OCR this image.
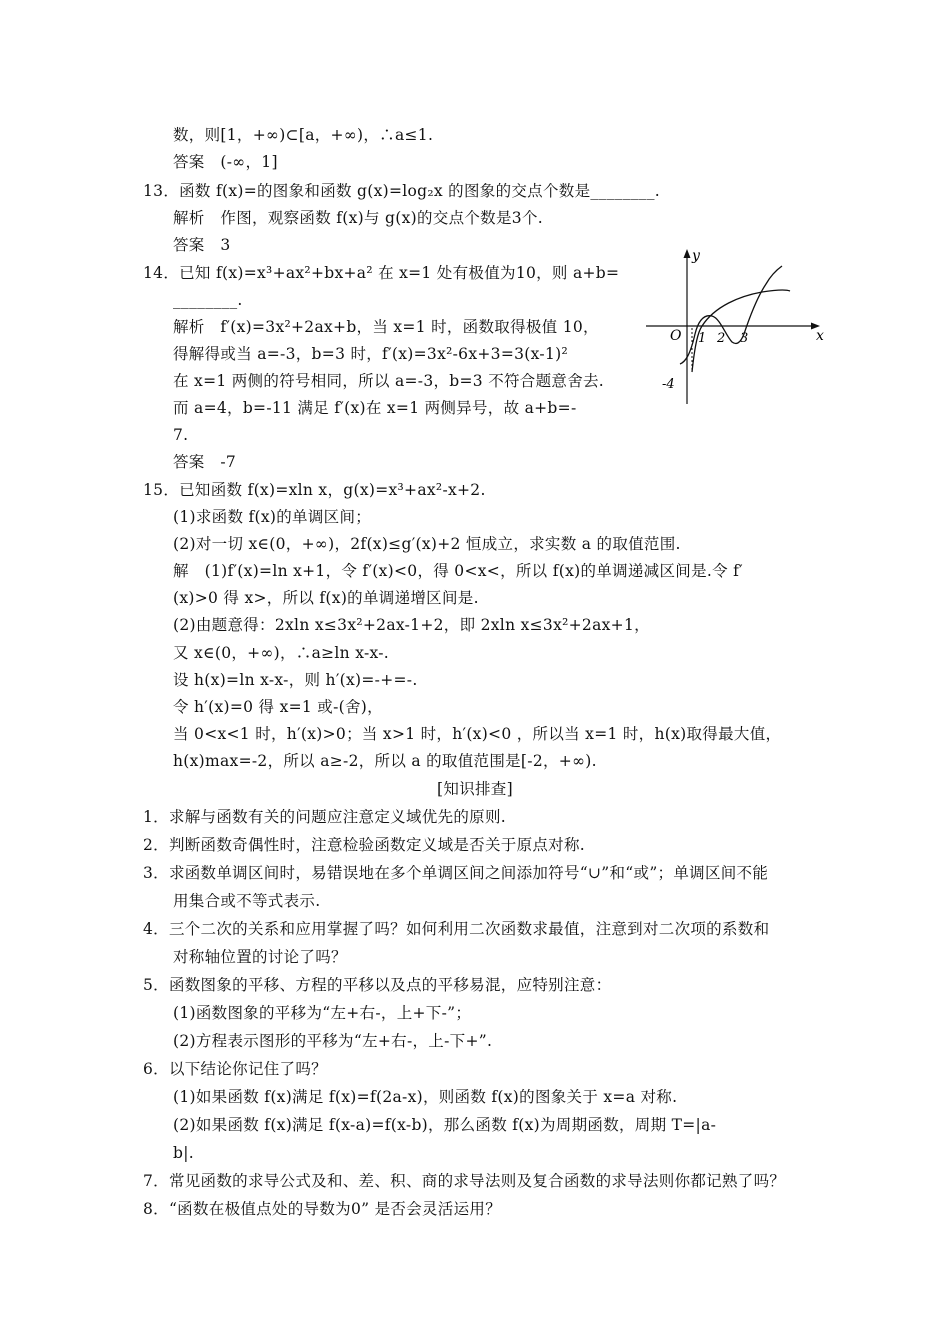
数，则[1，+∞)⊂[a，+∞)，∴a≤1.
答案　(-∞，1]
13．函数 f(x)=的图象和函数 g(x)=log₂x 的图象的交点个数是________.
解析　作图，观察函数 f(x)与 g(x)的交点个数是3个.
答案　3
14．已知 f(x)=x³+ax²+bx+a² 在 x=1 处有极值为10，则 a+b=
________.
解析　f′(x)=3x²+2ax+b，当 x=1 时，函数取得极值 10，
得解得或当 a=-3，b=3 时，f′(x)=3x²-6x+3=3(x-1)²
在 x=1 两侧的符号相同，所以 a=-3，b=3 不符合题意舍去.
而 a=4，b=-11 满足 f′(x)在 x=1 两侧异号，故 a+b=-
7.
答案　-7
15．已知函数 f(x)=xln x，g(x)=x³+ax²-x+2.
(1)求函数 f(x)的单调区间；
(2)对一切 x∈(0，+∞)，2f(x)≤g′(x)+2 恒成立，求实数 a 的取值范围.
解　(1)f′(x)=ln x+1，令 f′(x)<0，得 0<x<，所以 f(x)的单调递减区间是.令 f′
(x)>0 得 x>，所以 f(x)的单调递增区间是.
(2)由题意得：2xln x≤3x²+2ax-1+2，即 2xln x≤3x²+2ax+1，
又 x∈(0，+∞)，∴a≥ln x-x-.
设 h(x)=ln x-x-，则 h′(x)=-+=-.
令 h′(x)=0 得 x=1 或-(舍)，
当 0<x<1 时，h′(x)>0；当 x>1 时，h′(x)<0 ，所以当 x=1 时，h(x)取得最大值，
h(x)max=-2，所以 a≥-2，所以 a 的取值范围是[-2，+∞).
[知识排查]
1．求解与函数有关的问题应注意定义域优先的原则.
2．判断函数奇偶性时，注意检验函数定义域是否关于原点对称.
3．求函数单调区间时，易错误地在多个单调区间之间添加符号“∪”和“或”；单调区间不能
用集合或不等式表示.
4．三个二次的关系和应用掌握了吗？如何利用二次函数求最值，注意到对二次项的系数和
对称轴位置的讨论了吗？
5．函数图象的平移、方程的平移以及点的平移易混，应特别注意：
(1)函数图象的平移为“左+右-，上+下-”；
(2)方程表示图形的平移为“左+右-，上-下+”.
6．以下结论你记住了吗？
(1)如果函数 f(x)满足 f(x)=f(2a-x)，则函数 f(x)的图象关于 x=a 对称.
(2)如果函数 f(x)满足 f(x-a)=f(x-b)，那么函数 f(x)为周期函数，周期 T=|a-
b|.
7．常见函数的求导公式及和、差、积、商的求导法则及复合函数的求导法则你都记熟了吗？
8．“函数在极值点处的导数为0” 是否会灵活运用？
y
x
O 1 2 3
-4
